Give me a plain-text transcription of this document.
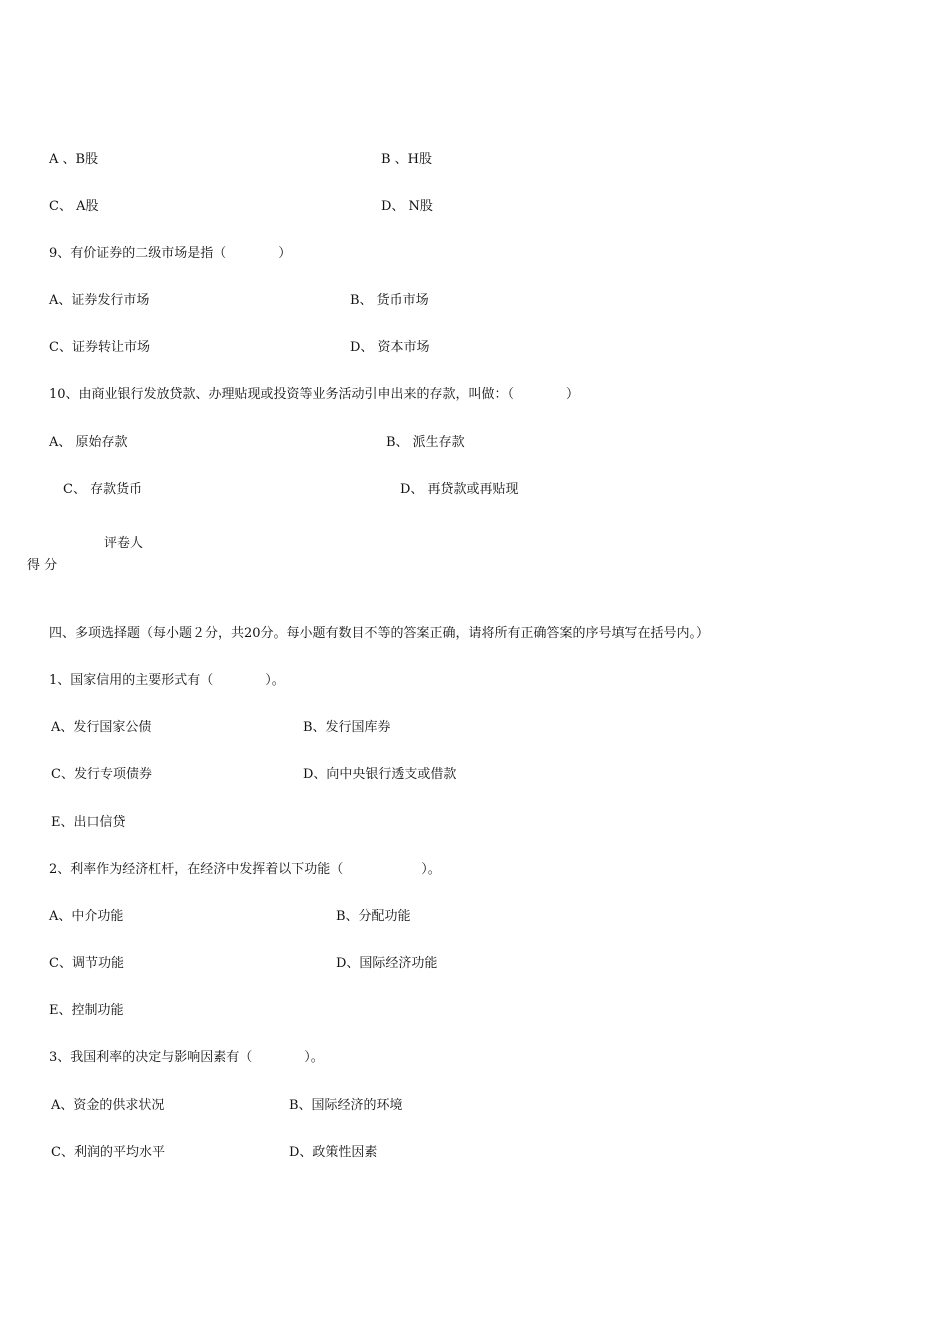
A 、B股	B 、H股
C、 A股	D、 N股
9、有价证券的二级市场是指（　　　　）
A、证券发行市场	B、 货币市场
C、证券转让市场	D、 资本市场
10、由商业银行发放贷款、办理贴现或投资等业务活动引申出来的存款，叫做：（　　　　）
A、 原始存款	B、 派生存款
C、 存款货币	D、 再贷款或再贴现
评卷人
得 分
四、多项选择题（每小题２分，共20分。每小题有数目不等的答案正确，请将所有正确答案的序号填写在括号内。）
1、国家信用的主要形式有（　　　　）。
A、发行国家公债	B、发行国库券
C、发行专项债券	D、向中央银行透支或借款
E、出口信贷
2、利率作为经济杠杆，在经济中发挥着以下功能（　　　　　　）。
A、中介功能	B、分配功能
C、调节功能	D、国际经济功能
E、控制功能
3、我国利率的决定与影响因素有（　　　　）。
A、资金的供求状况	B、国际经济的环境
C、利润的平均水平	D、政策性因素
